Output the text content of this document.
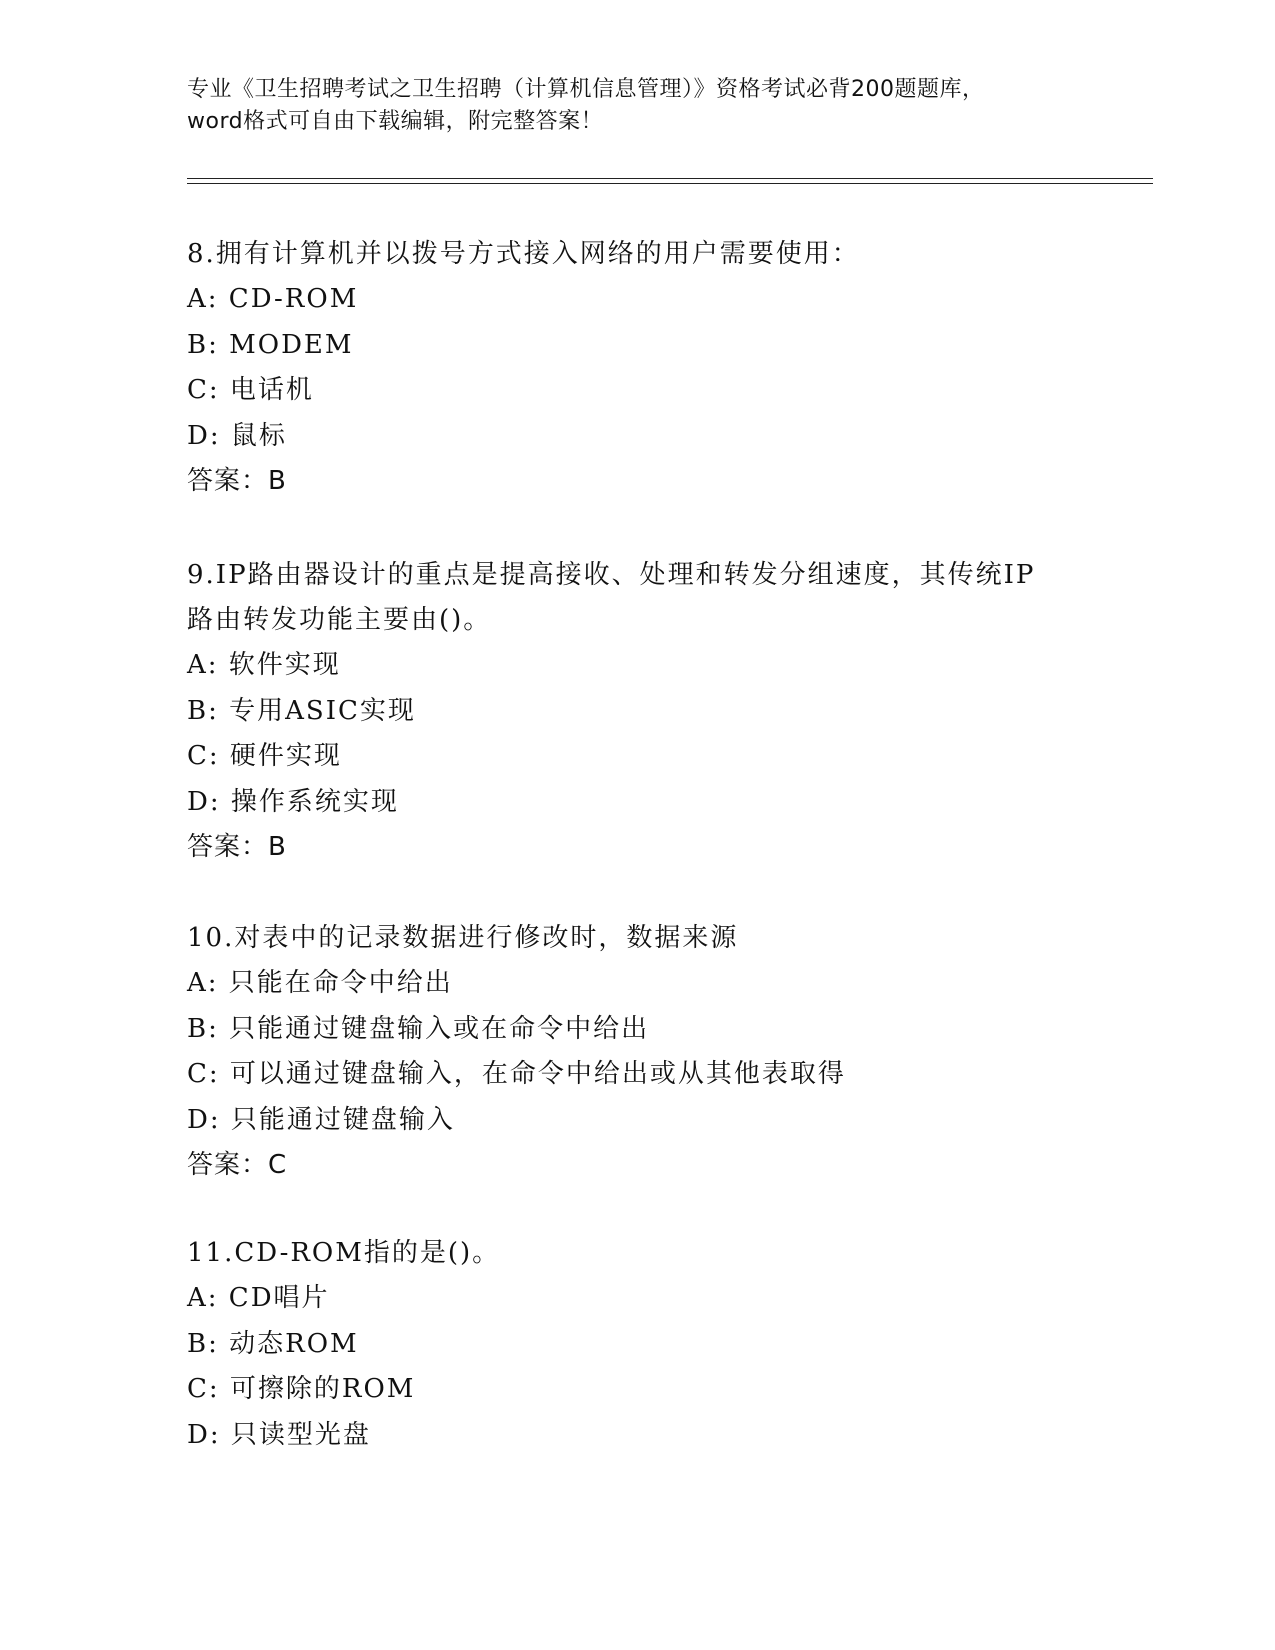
专业《卫生招聘考试之卫生招聘（计算机信息管理）》资格考试必背200题题库，
word格式可自由下载编辑，附完整答案！

8.拥有计算机并以拨号方式接入网络的用户需要使用：

A: CD-ROM

B: MODEM

C: 电话机

D: 鼠标

答案：B

9.IP路由器设计的重点是提高接收、处理和转发分组速度，其传统IP

路由转发功能主要由()。

A: 软件实现

B: 专用ASIC实现

C: 硬件实现

D: 操作系统实现

答案：B

10.对表中的记录数据进行修改时，数据来源

A: 只能在命令中给出

B: 只能通过键盘输入或在命令中给出

C: 可以通过键盘输入，在命令中给出或从其他表取得

D: 只能通过键盘输入

答案：C

11.CD-ROM指的是()。

A: CD唱片

B: 动态ROM

C: 可擦除的ROM

D: 只读型光盘
